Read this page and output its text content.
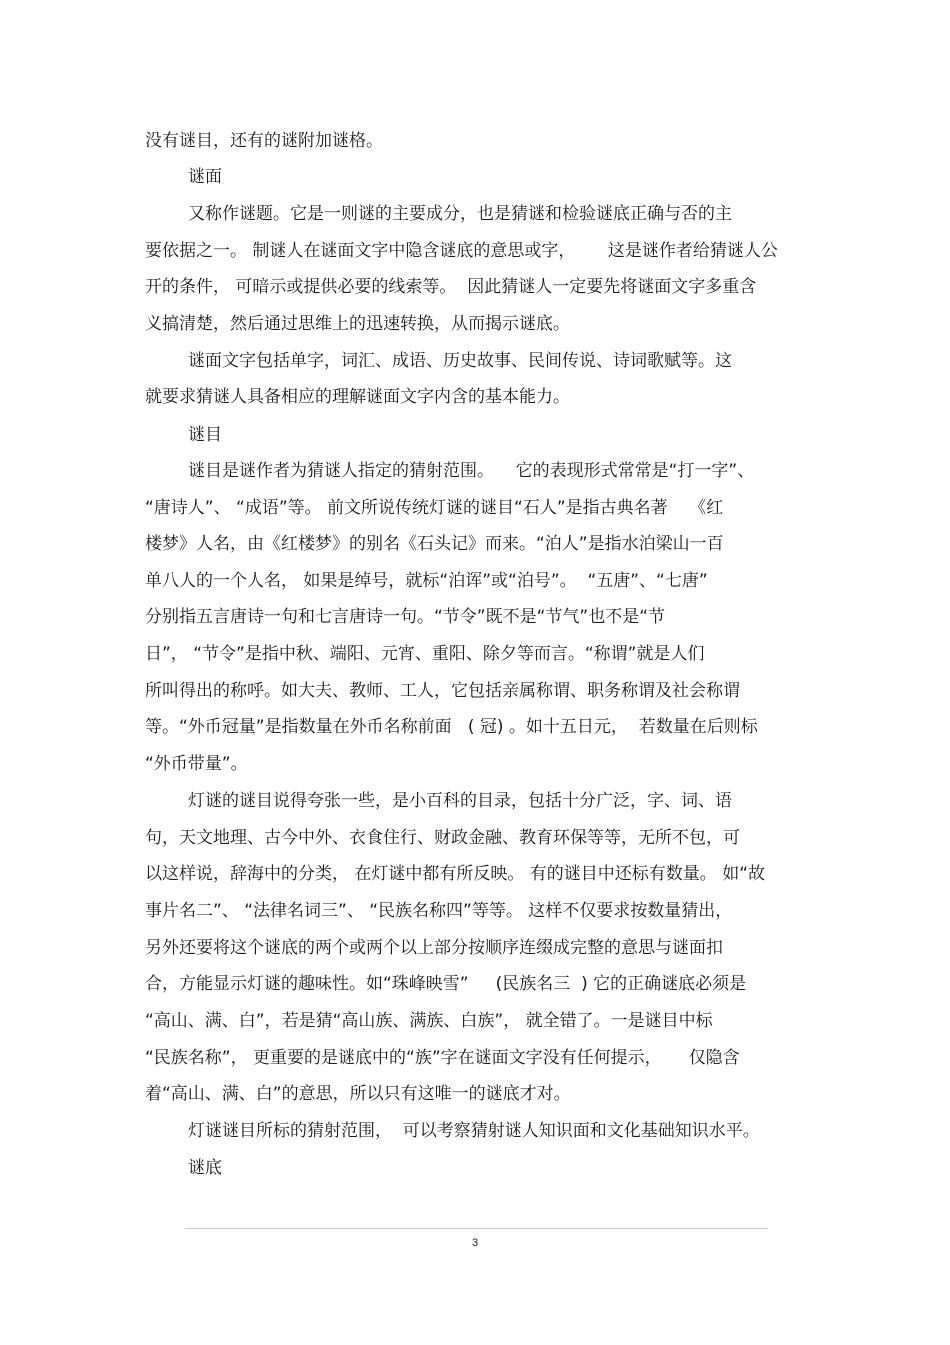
没有谜目，还有的谜附加谜格。

谜面

又称作谜题。它是一则谜的主要成分，也是猜谜和检验谜底正确与否的主

要依据之一。 制谜人在谜面文字中隐含谜底的意思或字，      这是谜作者给猜谜人公

开的条件， 可暗示或提供必要的线索等。  因此猜谜人一定要先将谜面文字多重含

义搞清楚，然后通过思维上的迅速转换，从而揭示谜底。

谜面文字包括单字，词汇、成语、历史故事、民间传说、诗词歌赋等。这

就要求猜谜人具备相应的理解谜面文字内含的基本能力。

谜目

谜目是谜作者为猜谜人指定的猜射范围。    它的表现形式常常是“打一字”、

“唐诗人”、 “成语”等。 前文所说传统灯谜的谜目“石人”是指古典名著    《红

楼梦》人名，由《红楼梦》的别名《石头记》而来。“泊人”是指水泊梁山一百

单八人的一个人名， 如果是绰号，就标“泊诨”或“泊号”。  “五唐”、“七唐”

分别指五言唐诗一句和七言唐诗一句。“节令”既不是“节气”也不是“节

日”， “节令”是指中秋、端阳、元宵、重阳、除夕等而言。“称谓”就是人们

所叫得出的称呼。如大夫、教师、工人，它包括亲属称谓、职务称谓及社会称谓

等。“外币冠量”是指数量在外币名称前面   ( 冠) 。如十五日元，  若数量在后则标

“外币带量”。

灯谜的谜目说得夸张一些，是小百科的目录，包括十分广泛，字、词、语

句，天文地理、古今中外、衣食住行、财政金融、教育环保等等，无所不包，可

以这样说，辞海中的分类， 在灯谜中都有所反映。 有的谜目中还标有数量。 如“故

事片名二”、 “法律名词三”、 “民族名称四”等等。 这样不仅要求按数量猜出，

另外还要将这个谜底的两个或两个以上部分按顺序连缀成完整的意思与谜面扣

合，方能显示灯谜的趣味性。如“珠峰映雪”     (民族名三  ) 它的正确谜底必须是

“高山、满、白”，若是猜“高山族、满族、白族”， 就全错了。一是谜目中标

“民族名称”， 更重要的是谜底中的“族”字在谜面文字没有任何提示，     仅隐含

着“高山、满、白”的意思，所以只有这唯一的谜底才对。

灯谜谜目所标的猜射范围，  可以考察猜射谜人知识面和文化基础知识水平。

谜底

3
